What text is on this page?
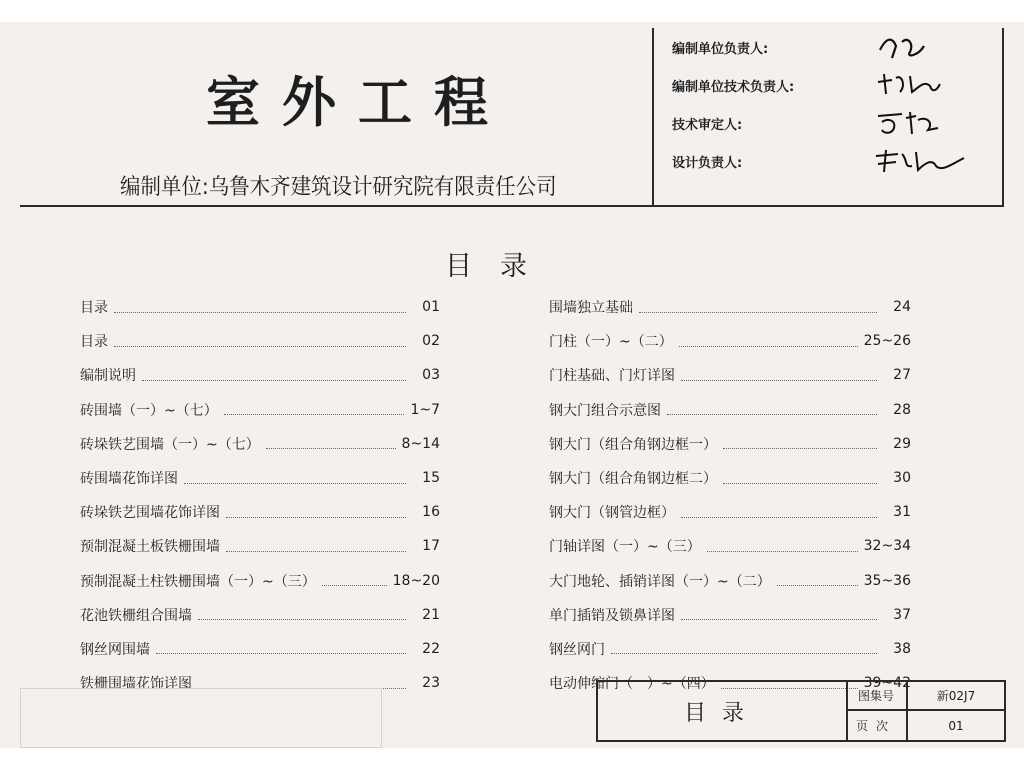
室外工程
编制单位:乌鲁木齐建筑设计研究院有限责任公司
编制单位负责人:
编制单位技术负责人:
技术审定人:
设计负责人:
目录
目录	01
目录	02
编制说明	03
砖围墙（一）~（七）	1~7
砖垛铁艺围墙（一）~（七）	8~14
砖围墙花饰详图	15
砖垛铁艺围墙花饰详图	16
预制混凝土板铁栅围墙	17
预制混凝土柱铁栅围墙（一）~（三）	18~20
花池铁栅组合围墙	21
钢丝网围墙	22
铁栅围墙花饰详图	23
围墙独立基础	24
门柱（一）~（二）	25~26
门柱基础、门灯详图	27
钢大门组合示意图	28
钢大门（组合角钢边框一）	29
钢大门（组合角钢边框二）	30
钢大门（钢管边框）	31
门轴详图（一）~（三）	32~34
大门地轮、插销详图（一）~（二）	35~36
单门插销及锁鼻详图	37
钢丝网门	38
电动伸缩门（一）~（四）	39~42
目录
图集号	新02J7
页次	01
